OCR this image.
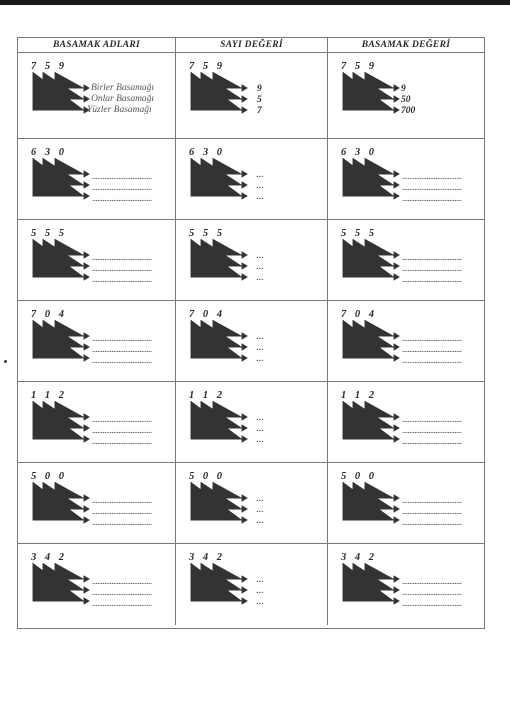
BASAMAK ADLARI	SAYI DEĞERİ	BASAMAK DEĞERİ
7 5 9
Birler Basamağı
Onlar Basamağı
Yüzler Basamağı
7 5 9
9
5
7
7 5 9
9
50
700
6 3 0
..................................
..................................
..................................
6 3 0
...
...
...
6 3 0
..................................
..................................
..................................
5 5 5
..................................
..................................
..................................
5 5 5
...
...
...
5 5 5
..................................
..................................
..................................
7 0 4
..................................
..................................
..................................
7 0 4
...
...
...
7 0 4
..................................
..................................
..................................
1 1 2
..................................
..................................
..................................
1 1 2
...
...
...
1 1 2
..................................
..................................
..................................
5 0 0
..................................
..................................
..................................
5 0 0
...
...
...
5 0 0
..................................
..................................
..................................
3 4 2
..................................
..................................
..................................
3 4 2
...
...
...
3 4 2
..................................
..................................
..................................
